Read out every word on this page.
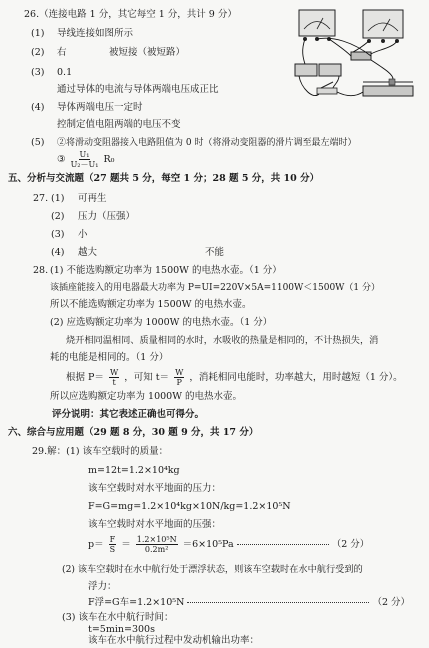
26.（连接电路 1 分，其它每空 1 分，共计 9 分）
(1) 导线连接如图所示
(2) 右	被短接（被短路）
(3) 0.1
通过导体的电流与导体两端电压成正比
(4) 导体两端电压一定时
控制定值电阻两端的电压不变
(5) ②将滑动变阻器接入电路阻值为 0 时（将滑动变阻器的滑片调至最左端时）
③ $\frac{\text{U₁}}{\text{U₂－U₁}} R_0$
五、分析与交流题（27 题共 5 分，每空 1 分；28 题 5 分，共 10 分）
27. (1) 可再生
(2) 压力（压强）
(3) 小
(4) 越大	不能
28. (1) 不能选购额定功率为 1500W 的电热水壶。（1 分）
该插座能接入的用电器最大功率为 P=UI=220V×5A=1100W＜1500W（1 分）
所以不能选购额定功率为 1500W 的电热水壶。
(2) 应选购额定功率为 1000W 的电热水壶。（1 分）
烧开相同温相同、质量相同的水时，水吸收的热量是相同的，不计热损失，消
耗的电能是相同的。（1 分）
根据 $P= \frac{W}{t}$ ，可知 $t= \frac{W}{P}$ ，消耗相同电能时，功率越大，用时越短（1 分）。
所以应选购额定功率为 1000W 的电热水壶。
评分说明：其它表述正确也可得分。
六、综合与应用题（29 题 8 分，30 题 9 分，共 17 分）
29.解：(1) 该车空载时的质量：
m=12t=1.2×10⁴kg
该车空载时对水平地面的压力：
F=G=mg=1.2×10⁴kg×10N/kg=1.2×10⁵N
该车空载时对水平地面的压强：
$p= \frac{F}{S} = \frac{\text{1.2×10⁵N}}{\text{0.2m²}} =6\times 10^5Pa$	（2 分）
(2) 该车空载时在水中航行处于漂浮状态，则该车空载时在水中航行受到的
浮力：
F浮=G车=1.2×10⁵N	（2 分）
(3) 该车在水中航行时间：
t=5min=300s
该车在水中航行过程中发动机输出功率：
